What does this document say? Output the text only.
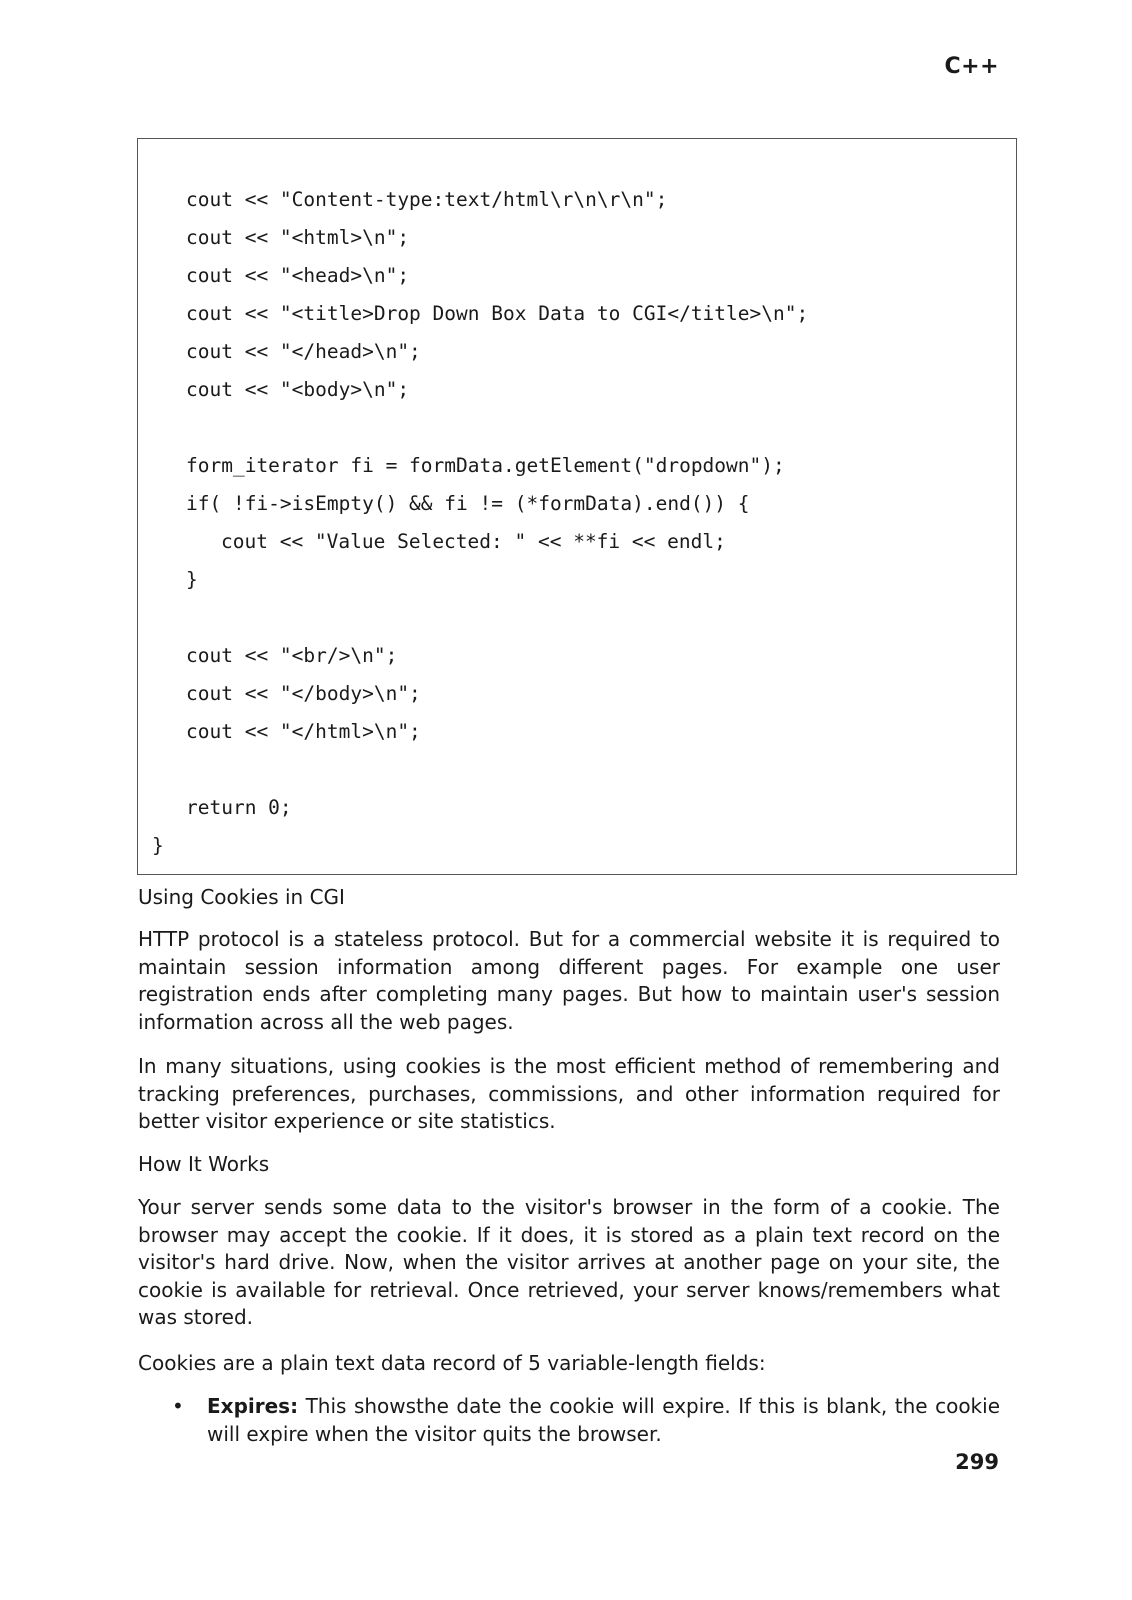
C++
cout << "Content-type:text/html\r\n\r\n";
cout << "<html>\n";
cout << "<head>\n";
cout << "<title>Drop Down Box Data to CGI</title>\n";
cout << "</head>\n";
cout << "<body>\n";
form_iterator fi = formData.getElement("dropdown");
if( !fi->isEmpty() && fi != (*formData).end()) {
cout << "Value Selected: " << **fi << endl;
}
cout << "<br/>\n";
cout << "</body>\n";
cout << "</html>\n";
return 0;
}
Using Cookies in CGI
HTTP protocol is a stateless protocol. But for a commercial website it is required to maintain session information among different pages. For example one user registration ends after completing many pages. But how to maintain user's session information across all the web pages.
In many situations, using cookies is the most efficient method of remembering and tracking preferences, purchases, commissions, and other information required for better visitor experience or site statistics.
How It Works
Your server sends some data to the visitor's browser in the form of a cookie. The browser may accept the cookie. If it does, it is stored as a plain text record on the visitor's hard drive. Now, when the visitor arrives at another page on your site, the cookie is available for retrieval. Once retrieved, your server knows/remembers what was stored.
Cookies are a plain text data record of 5 variable-length fields:
• Expires: This showsthe date the cookie will expire. If this is blank, the cookie will expire when the visitor quits the browser.
299
